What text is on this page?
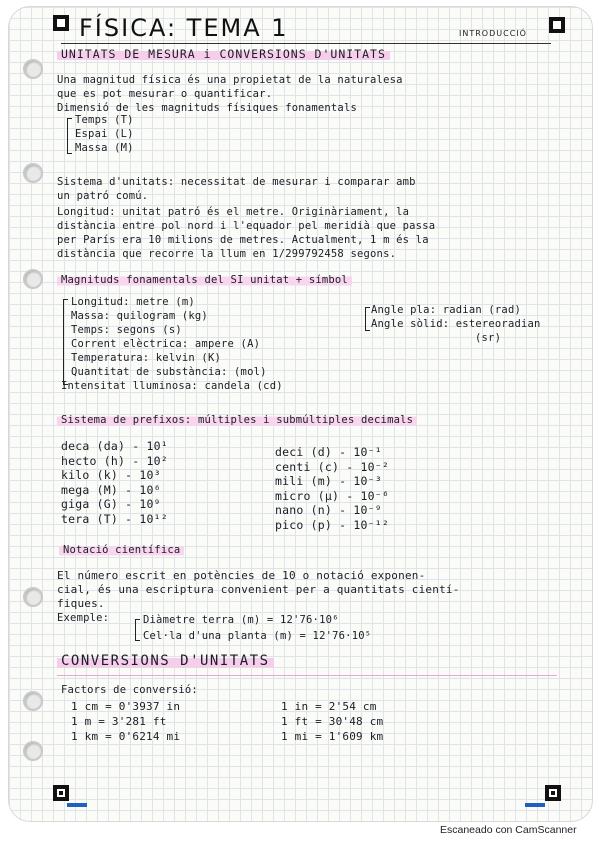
FÍSICA: TEMA 1	INTRODUCCIÓ
UNITATS DE MESURA i CONVERSIONS D'UNITATS
Una magnitud física és una propietat de la naturalesa
que es pot mesurar o quantificar.
Dimensió de les magnituds físiques fonamentals
Temps (T)
Espai (L)
Massa (M)
Sistema d'unitats: necessitat de mesurar i comparar amb
un patró comú.
Longitud: unitat patró és el metre. Originàriament, la
distància entre pol nord i l'equador pel meridià que passa
per París era 10 milions de metres. Actualment, 1 m és la
distància que recorre la llum en 1/299792458 segons.
Magnituds fonamentals del SI unitat + símbol
Longitud: metre (m)
Massa: quilogram (kg)
Temps: segons (s)
Corrent elèctrica: ampere (A)
Temperatura: kelvin (K)
Quantitat de substància: (mol)
Intensitat lluminosa: candela (cd)
Angle pla: radian (rad)
Angle sòlid: estereoradian
(sr)
Sistema de prefixos: múltiples i submúltiples decimals
deca (da) - 10¹
hecto (h) - 10²
kilo (k) - 10³
mega (M) - 10⁶
giga (G) - 10⁹
tera (T) - 10¹²
deci (d) - 10⁻¹
centi (c) - 10⁻²
mili (m) - 10⁻³
micro (μ) - 10⁻⁶
nano (n) - 10⁻⁹
pico (p) - 10⁻¹²
Notació científica
El número escrit en potències de 10 o notació exponen-
cial, és una escriptura convenient per a quantitats cientí-
fiques.
Exemple:	Diàmetre terra (m) = 12'76·10⁶
Cel·la d'una planta (m) = 12'76·10⁵
CONVERSIONS D'UNITATS
Factors de conversió:
1 cm = 0'3937 in
1 m = 3'281 ft
1 km = 0'6214 mi
1 in = 2'54 cm
1 ft = 30'48 cm
1 mi = 1'609 km
Escaneado con CamScanner
